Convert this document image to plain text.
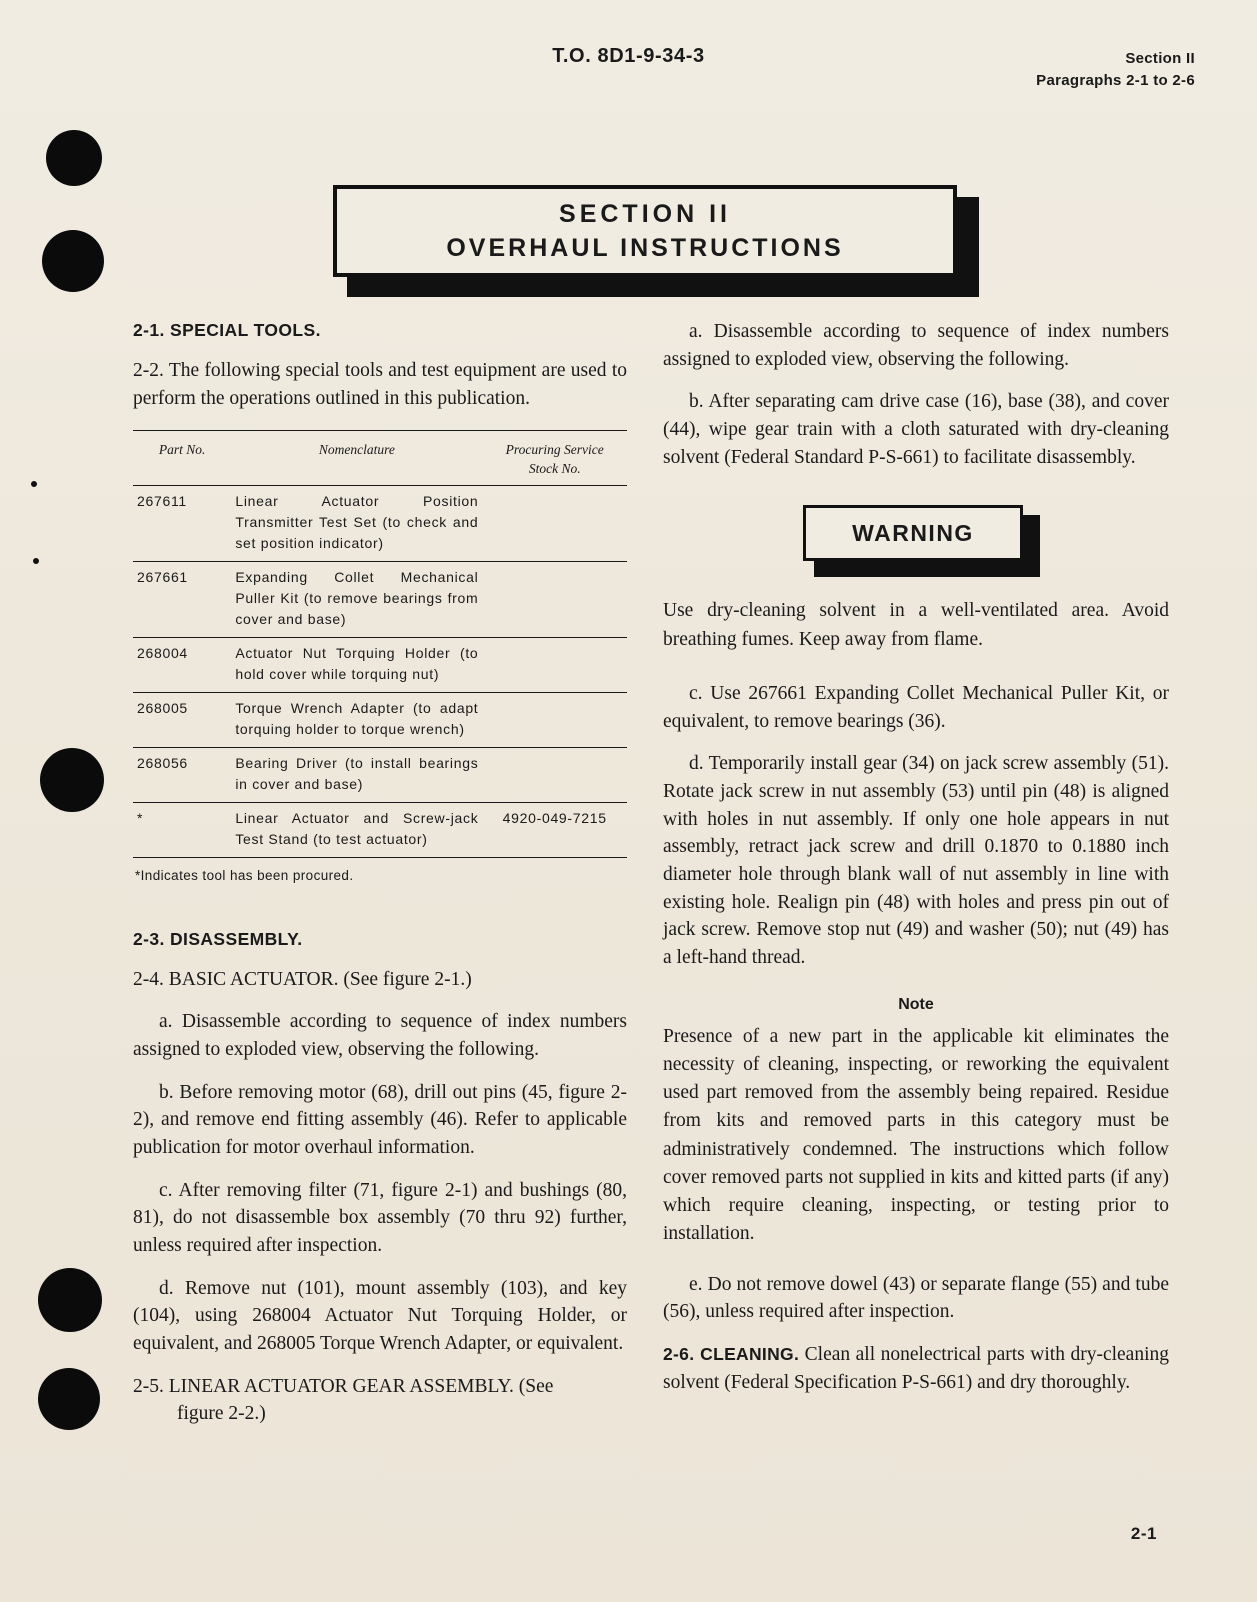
T.O. 8D1-9-34-3	Section II
Paragraphs 2-1 to 2-6
SECTION II
OVERHAUL INSTRUCTIONS
2-1. SPECIAL TOOLS.

2-2. The following special tools and test equipment are used to perform the operations outlined in this publication.

Part No.	Nomenclature	Procuring Service
Stock No.
267611	Linear Actuator Position Transmitter Test Set (to check and set position indicator)	
267661	Expanding Collet Mechanical Puller Kit (to remove bearings from cover and base)	
268004	Actuator Nut Torquing Holder (to hold cover while torquing nut)	
268005	Torque Wrench Adapter (to adapt torquing holder to torque wrench)	
268056	Bearing Driver (to install bearings in cover and base)	
*	Linear Actuator and Screw-jack Test Stand (to test actuator)	4920-049-7215
*Indicates tool has been procured.
2-3. DISASSEMBLY.

2-4. BASIC ACTUATOR. (See figure 2-1.)

a. Disassemble according to sequence of index numbers assigned to exploded view, observing the following.

b. Before removing motor (68), drill out pins (45, figure 2-2), and remove end fitting assembly (46). Refer to applicable publication for motor overhaul information.

c. After removing filter (71, figure 2-1) and bushings (80, 81), do not disassemble box assembly (70 thru 92) further, unless required after inspection.

d. Remove nut (101), mount assembly (103), and key (104), using 268004 Actuator Nut Torquing Holder, or equivalent, and 268005 Torque Wrench Adapter, or equivalent.

2-5. LINEAR ACTUATOR GEAR ASSEMBLY. (See
figure 2-2.)

a. Disassemble according to sequence of index numbers assigned to exploded view, observing the following.

b. After separating cam drive case (16), base (38), and cover (44), wipe gear train with a cloth saturated with dry-cleaning solvent (Federal Standard P-S-661) to facilitate disassembly.

WARNING

Use dry-cleaning solvent in a well-ventilated area. Avoid breathing fumes. Keep away from flame.

c. Use 267661 Expanding Collet Mechanical Puller Kit, or equivalent, to remove bearings (36).

d. Temporarily install gear (34) on jack screw assembly (51). Rotate jack screw in nut assembly (53) until pin (48) is aligned with holes in nut assembly. If only one hole appears in nut assembly, retract jack screw and drill 0.1870 to 0.1880 inch diameter hole through blank wall of nut assembly in line with existing hole. Realign pin (48) with holes and press pin out of jack screw. Remove stop nut (49) and washer (50); nut (49) has a left-hand thread.

Note

Presence of a new part in the applicable kit eliminates the necessity of cleaning, inspecting, or reworking the equivalent used part removed from the assembly being repaired. Residue from kits and removed parts in this category must be administratively condemned. The instructions which follow cover removed parts not supplied in kits and kitted parts (if any) which require cleaning, inspecting, or testing prior to installation.

e. Do not remove dowel (43) or separate flange (55) and tube (56), unless required after inspection.

2-6. CLEANING. Clean all nonelectrical parts with dry-cleaning solvent (Federal Specification P-S-661) and dry thoroughly.

2-1
